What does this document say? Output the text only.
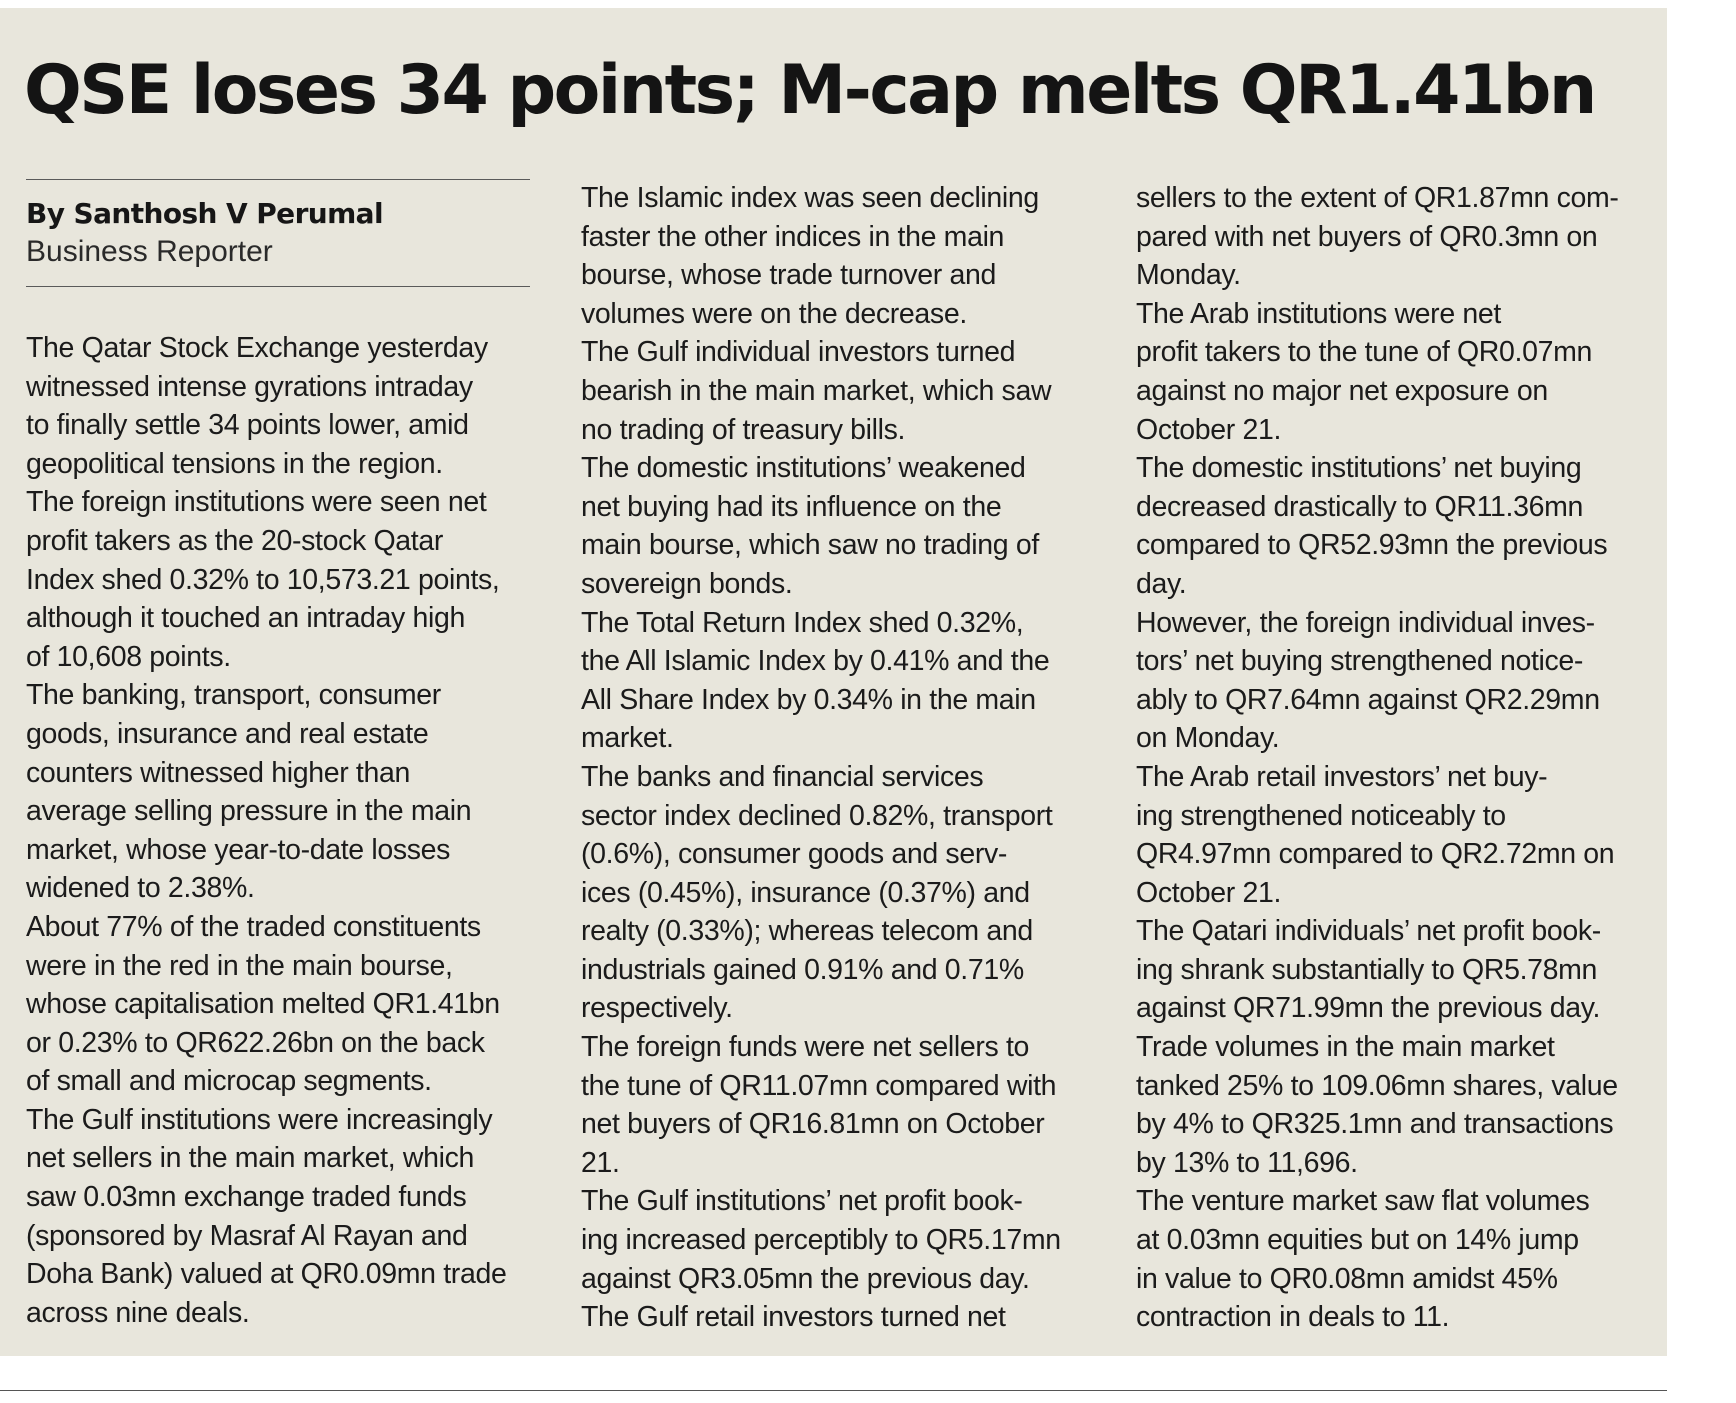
QSE loses 34 points; M-cap melts QR1.41bn
By Santhosh V Perumal
Business Reporter
The Qatar Stock Exchange yesterday
witnessed intense gyrations intraday
to finally settle 34 points lower, amid
geopolitical tensions in the region.
The foreign institutions were seen net
profit takers as the 20-stock Qatar
Index shed 0.32% to 10,573.21 points,
although it touched an intraday high
of 10,608 points.
The banking, transport, consumer
goods, insurance and real estate
counters witnessed higher than
average selling pressure in the main
market, whose year-to-date losses
widened to 2.38%.
About 77% of the traded constituents
were in the red in the main bourse,
whose capitalisation melted QR1.41bn
or 0.23% to QR622.26bn on the back
of small and microcap segments.
The Gulf institutions were increasingly
net sellers in the main market, which
saw 0.03mn exchange traded funds
(sponsored by Masraf Al Rayan and
Doha Bank) valued at QR0.09mn trade
across nine deals.
The Islamic index was seen declining
faster the other indices in the main
bourse, whose trade turnover and
volumes were on the decrease.
The Gulf individual investors turned
bearish in the main market, which saw
no trading of treasury bills.
The domestic institutions’ weakened
net buying had its influence on the
main bourse, which saw no trading of
sovereign bonds.
The Total Return Index shed 0.32%,
the All Islamic Index by 0.41% and the
All Share Index by 0.34% in the main
market.
The banks and financial services
sector index declined 0.82%, transport
(0.6%), consumer goods and serv-
ices (0.45%), insurance (0.37%) and
realty (0.33%); whereas telecom and
industrials gained 0.91% and 0.71%
respectively.
The foreign funds were net sellers to
the tune of QR11.07mn compared with
net buyers of QR16.81mn on October
21.
The Gulf institutions’ net profit book-
ing increased perceptibly to QR5.17mn
against QR3.05mn the previous day.
The Gulf retail investors turned net
sellers to the extent of QR1.87mn com-
pared with net buyers of QR0.3mn on
Monday.
The Arab institutions were net
profit takers to the tune of QR0.07mn
against no major net exposure on
October 21.
The domestic institutions’ net buying
decreased drastically to QR11.36mn
compared to QR52.93mn the previous
day.
However, the foreign individual inves-
tors’ net buying strengthened notice-
ably to QR7.64mn against QR2.29mn
on Monday.
The Arab retail investors’ net buy-
ing strengthened noticeably to
QR4.97mn compared to QR2.72mn on
October 21.
The Qatari individuals’ net profit book-
ing shrank substantially to QR5.78mn
against QR71.99mn the previous day.
Trade volumes in the main market
tanked 25% to 109.06mn shares, value
by 4% to QR325.1mn and transactions
by 13% to 11,696.
The venture market saw flat volumes
at 0.03mn equities but on 14% jump
in value to QR0.08mn amidst 45%
contraction in deals to 11.
